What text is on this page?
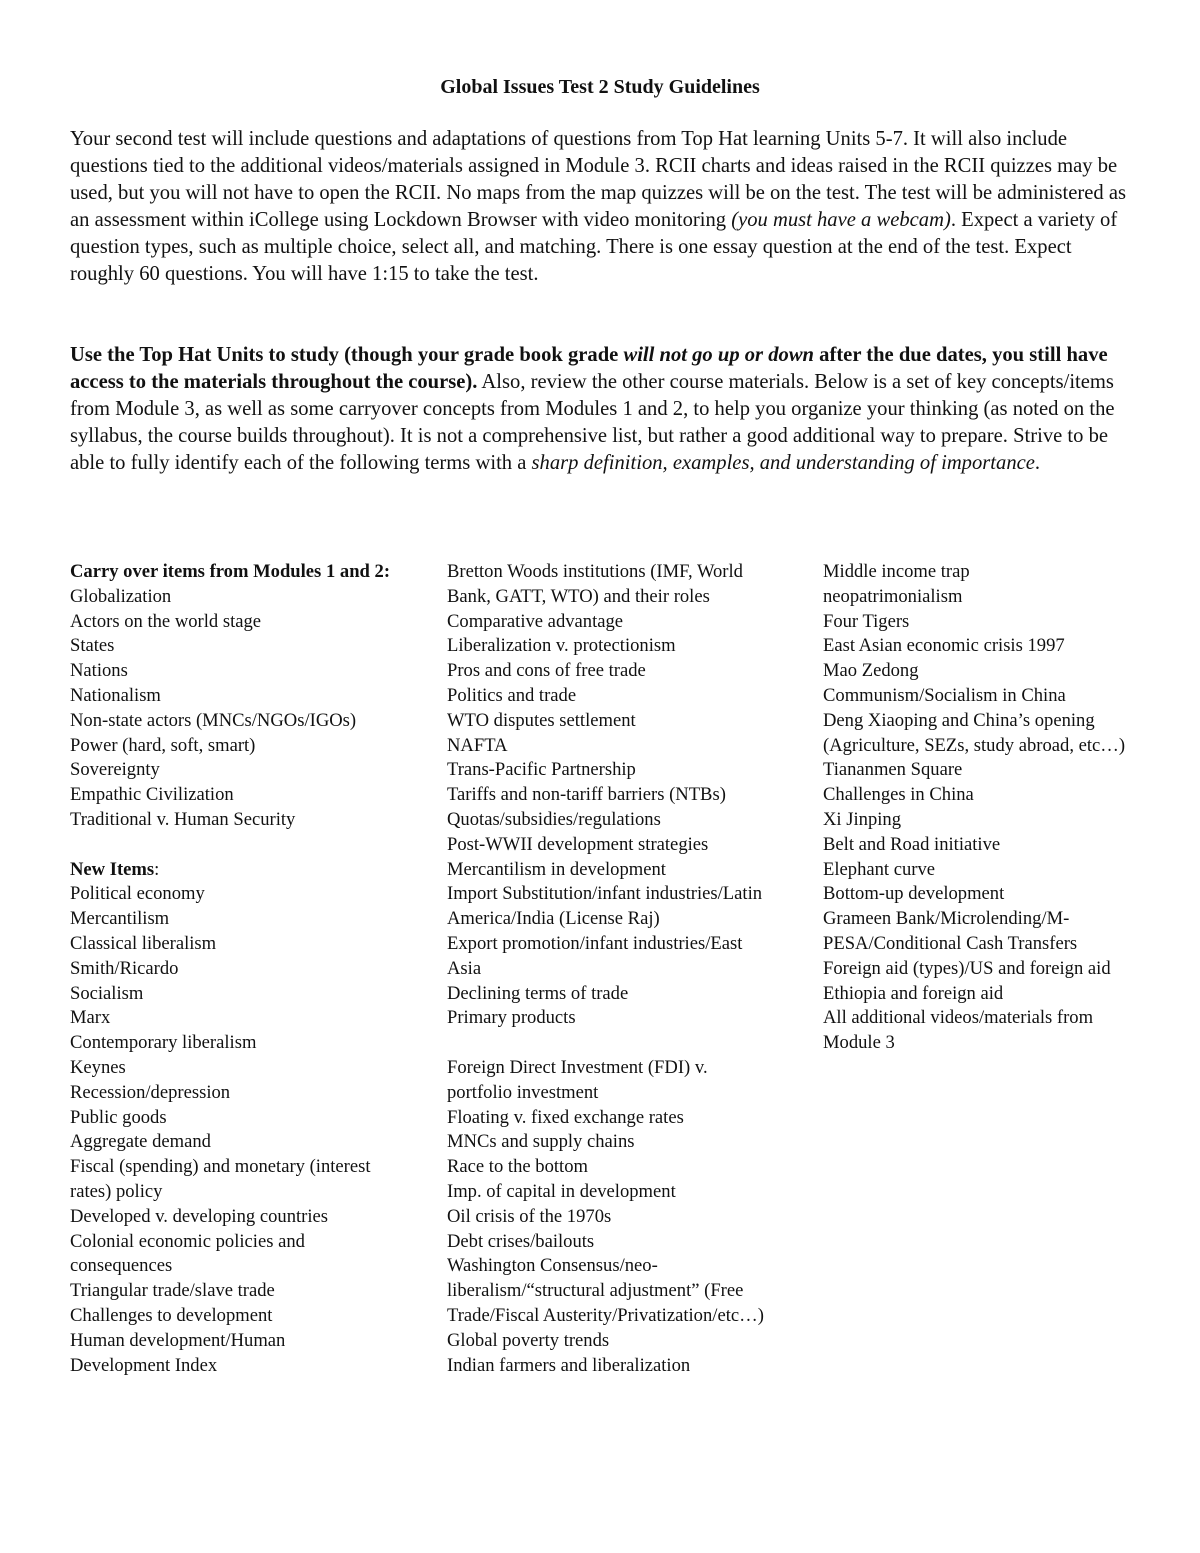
Global Issues Test 2 Study Guidelines

Your second test will include questions and adaptations of questions from Top Hat learning Units 5-7. It will also include questions tied to the additional videos/materials assigned in Module 3. RCII charts and ideas raised in the RCII quizzes may be used, but you will not have to open the RCII. No maps from the map quizzes will be on the test. The test will be administered as an assessment within iCollege using Lockdown Browser with video monitoring (you must have a webcam). Expect a variety of question types, such as multiple choice, select all, and matching. There is one essay question at the end of the test. Expect roughly 60 questions. You will have 1:15 to take the test.

Use the Top Hat Units to study (though your grade book grade will not go up or down after the due dates, you still have access to the materials throughout the course). Also, review the other course materials. Below is a set of key concepts/items from Module 3, as well as some carryover concepts from Modules 1 and 2, to help you organize your thinking (as noted on the syllabus, the course builds throughout). It is not a comprehensive list, but rather a good additional way to prepare. Strive to be able to fully identify each of the following terms with a sharp definition, examples, and understanding of importance.

Carry over items from Modules 1 and 2:
Globalization
Actors on the world stage
States
Nations
Nationalism
Non-state actors (MNCs/NGOs/IGOs)
Power (hard, soft, smart)
Sovereignty
Empathic Civilization
Traditional v. Human Security
New Items:
Political economy
Mercantilism
Classical liberalism
Smith/Ricardo
Socialism
Marx
Contemporary liberalism
Keynes
Recession/depression
Public goods
Aggregate demand
Fiscal (spending) and monetary (interest rates) policy
Developed v. developing countries
Colonial economic policies and consequences
Triangular trade/slave trade
Challenges to development
Human development/Human Development Index
Bretton Woods institutions (IMF, World Bank, GATT, WTO) and their roles
Comparative advantage
Liberalization v. protectionism
Pros and cons of free trade
Politics and trade
WTO disputes settlement
NAFTA
Trans-Pacific Partnership
Tariffs and non-tariff barriers (NTBs)
Quotas/subsidies/regulations
Post-WWII development strategies
Mercantilism in development
Import Substitution/infant industries/Latin America/India (License Raj)
Export promotion/infant industries/East Asia
Declining terms of trade
Primary products
Foreign Direct Investment (FDI) v. portfolio investment
Floating v. fixed exchange rates
MNCs and supply chains
Race to the bottom
Imp. of capital in development
Oil crisis of the 1970s
Debt crises/bailouts
Washington Consensus/neo-liberalism/“structural adjustment” (Free Trade/Fiscal Austerity/Privatization/etc…)
Global poverty trends
Indian farmers and liberalization
Middle income trap
neopatrimonialism
Four Tigers
East Asian economic crisis 1997
Mao Zedong
Communism/Socialism in China
Deng Xiaoping and China’s opening (Agriculture, SEZs, study abroad, etc…)
Tiananmen Square
Challenges in China
Xi Jinping
Belt and Road initiative
Elephant curve
Bottom-up development
Grameen Bank/Microlending/M-PESA/Conditional Cash Transfers
Foreign aid (types)/US and foreign aid
Ethiopia and foreign aid
All additional videos/materials from Module 3
